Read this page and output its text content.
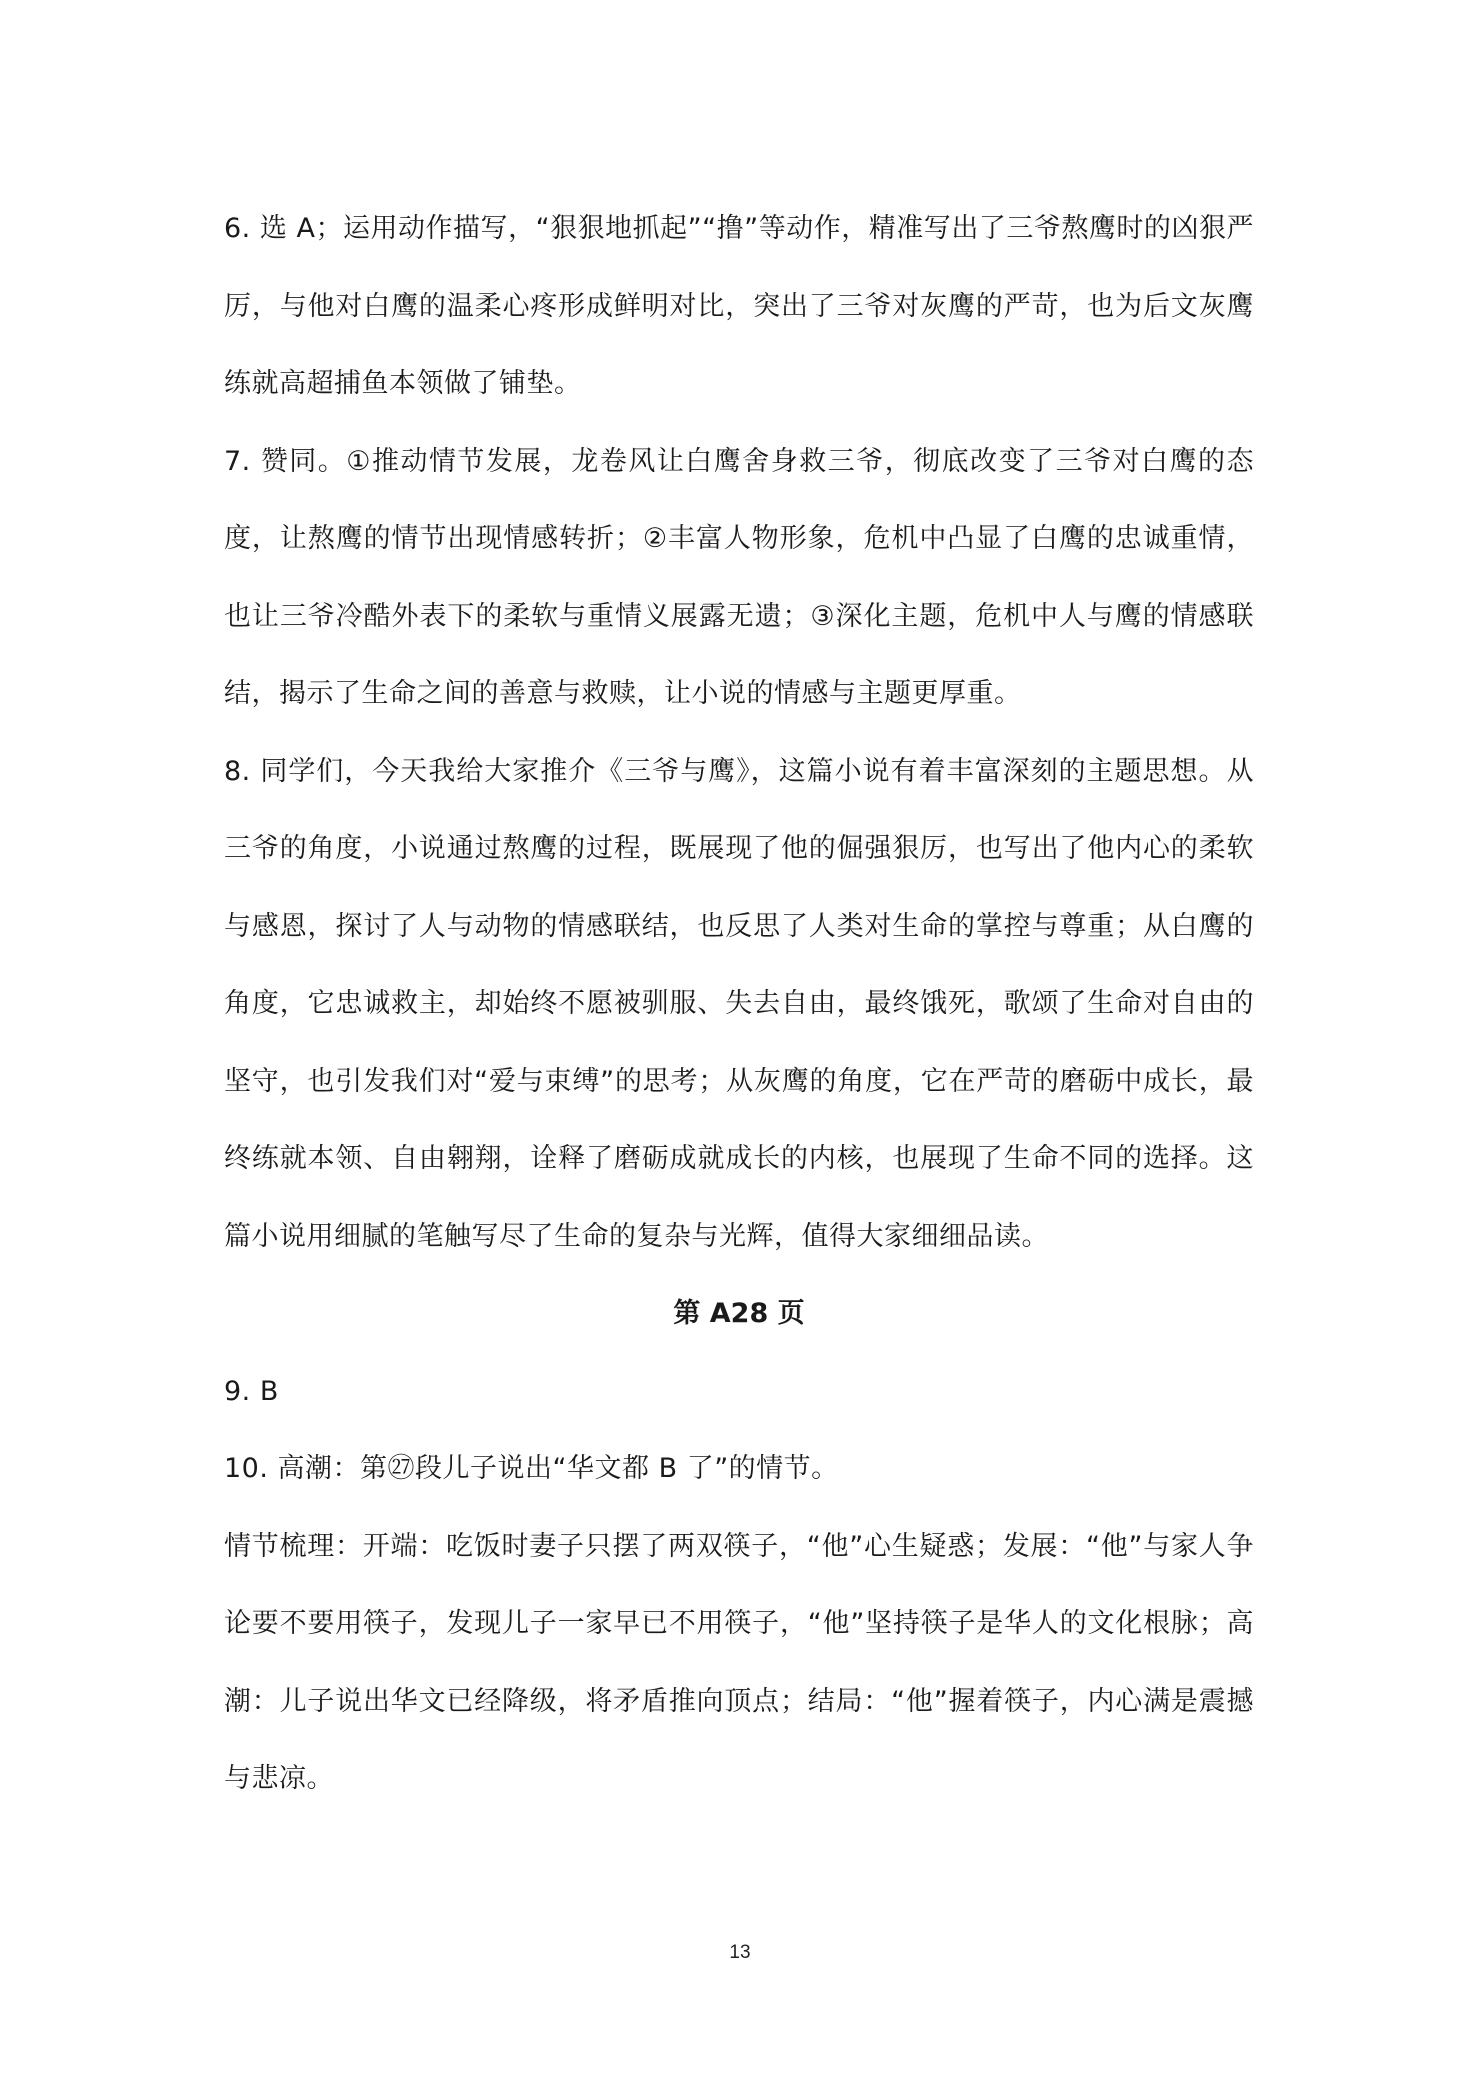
6. 选 A；运用动作描写，“狠狠地抓起”“撸”等动作，精准写出了三爷熬鹰时的凶狠严厉，与他对白鹰的温柔心疼形成鲜明对比，突出了三爷对灰鹰的严苛，也为后文灰鹰练就高超捕鱼本领做了铺垫。

7. 赞同。①推动情节发展，龙卷风让白鹰舍身救三爷，彻底改变了三爷对白鹰的态度，让熬鹰的情节出现情感转折；②丰富人物形象，危机中凸显了白鹰的忠诚重情，也让三爷冷酷外表下的柔软与重情义展露无遗；③深化主题，危机中人与鹰的情感联结，揭示了生命之间的善意与救赎，让小说的情感与主题更厚重。

8. 同学们，今天我给大家推介《三爷与鹰》，这篇小说有着丰富深刻的主题思想。从三爷的角度，小说通过熬鹰的过程，既展现了他的倔强狠厉，也写出了他内心的柔软与感恩，探讨了人与动物的情感联结，也反思了人类对生命的掌控与尊重；从白鹰的角度，它忠诚救主，却始终不愿被驯服、失去自由，最终饿死，歌颂了生命对自由的坚守，也引发我们对“爱与束缚”的思考；从灰鹰的角度，它在严苛的磨砺中成长，最终练就本领、自由翱翔，诠释了磨砺成就成长的内核，也展现了生命不同的选择。这篇小说用细腻的笔触写尽了生命的复杂与光辉，值得大家细细品读。

第 A28 页

9. B

10. 高潮：第㉗段儿子说出“华文都 B 了”的情节。

情节梳理：开端：吃饭时妻子只摆了两双筷子，“他”心生疑惑；发展：“他”与家人争论要不要用筷子，发现儿子一家早已不用筷子，“他”坚持筷子是华人的文化根脉；高潮：儿子说出华文已经降级，将矛盾推向顶点；结局：“他”握着筷子，内心满是震撼与悲凉。

13
